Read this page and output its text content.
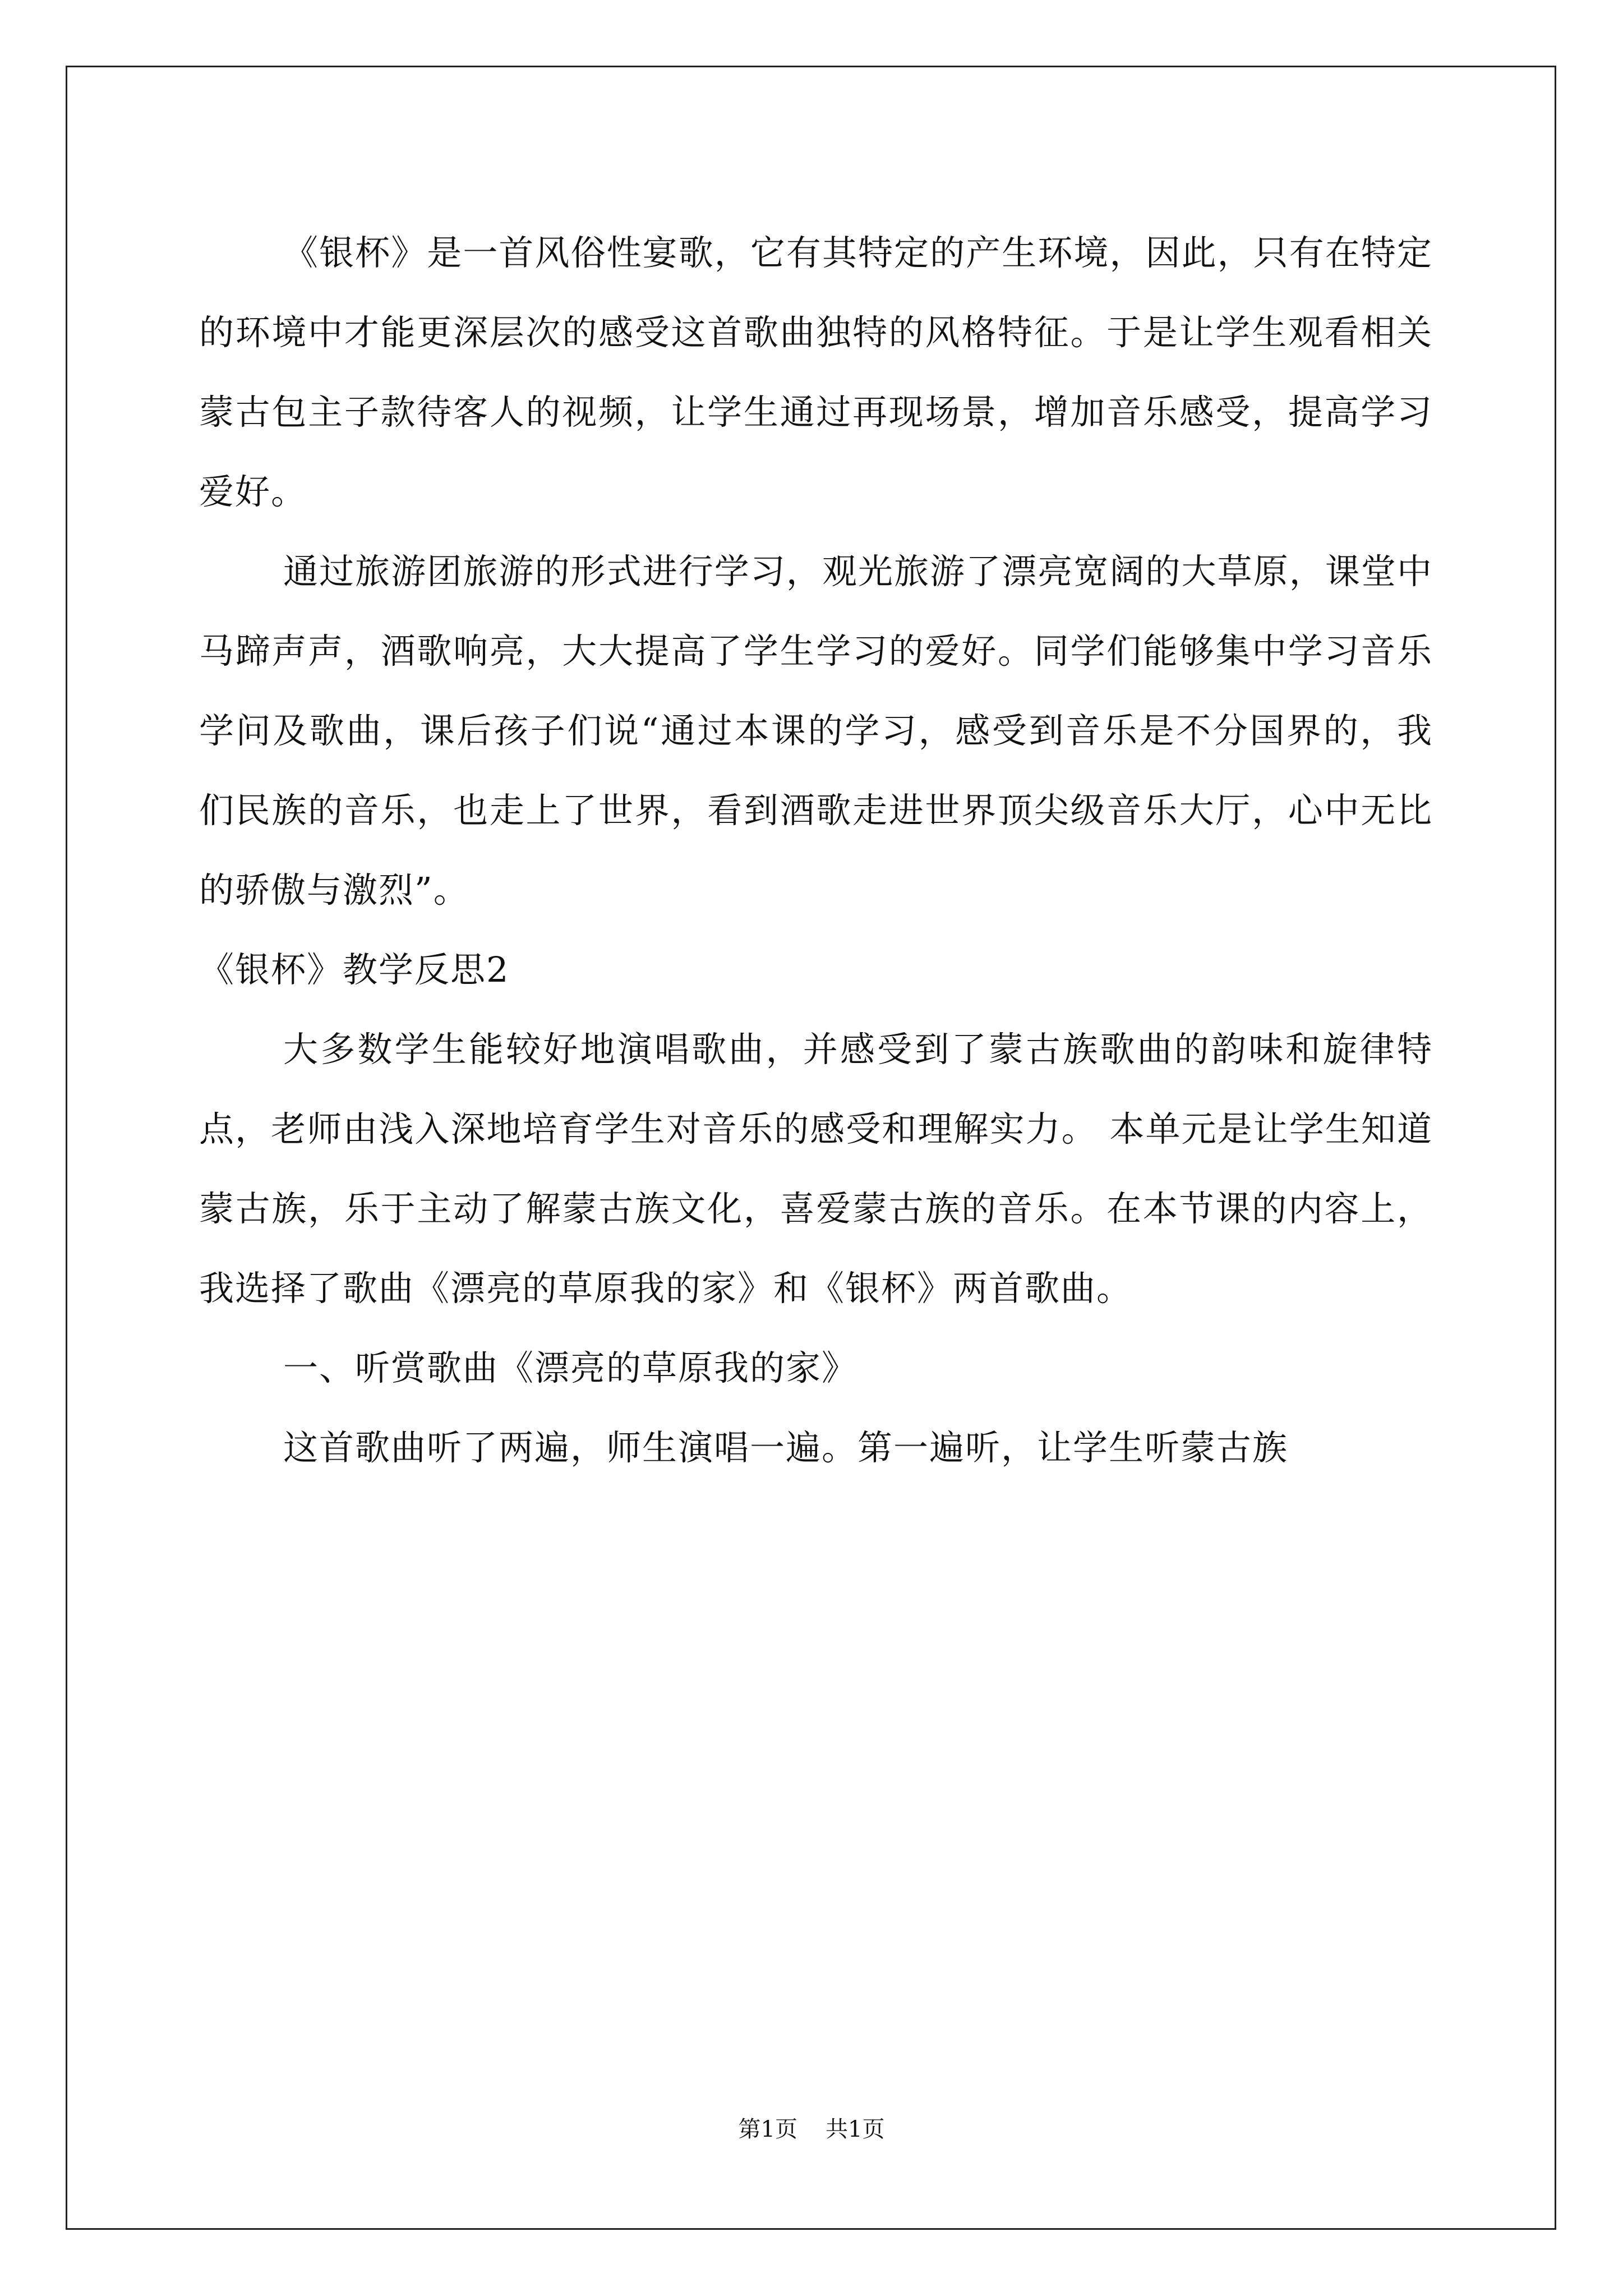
《银杯》是一首风俗性宴歌，它有其特定的产生环境，因此，只有在特定的环境中才能更深层次的感受这首歌曲独特的风格特征。于是让学生观看相关蒙古包主子款待客人的视频，让学生通过再现场景，增加音乐感受，提高学习爱好。

通过旅游团旅游的形式进行学习，观光旅游了漂亮宽阔的大草原，课堂中马蹄声声，酒歌响亮，大大提高了学生学习的爱好。同学们能够集中学习音乐学问及歌曲，课后孩子们说“通过本课的学习，感受到音乐是不分国界的，我们民族的音乐，也走上了世界，看到酒歌走进世界顶尖级音乐大厅，心中无比的骄傲与激烈”。

《银杯》教学反思2

大多数学生能较好地演唱歌曲，并感受到了蒙古族歌曲的韵味和旋律特点，老师由浅入深地培育学生对音乐的感受和理解实力。 本单元是让学生知道蒙古族，乐于主动了解蒙古族文化，喜爱蒙古族的音乐。在本节课的内容上，我选择了歌曲《漂亮的草原我的家》和《银杯》两首歌曲。

一、听赏歌曲《漂亮的草原我的家》

这首歌曲听了两遍，师生演唱一遍。第一遍听，让学生听蒙古族

第1页 共1页
